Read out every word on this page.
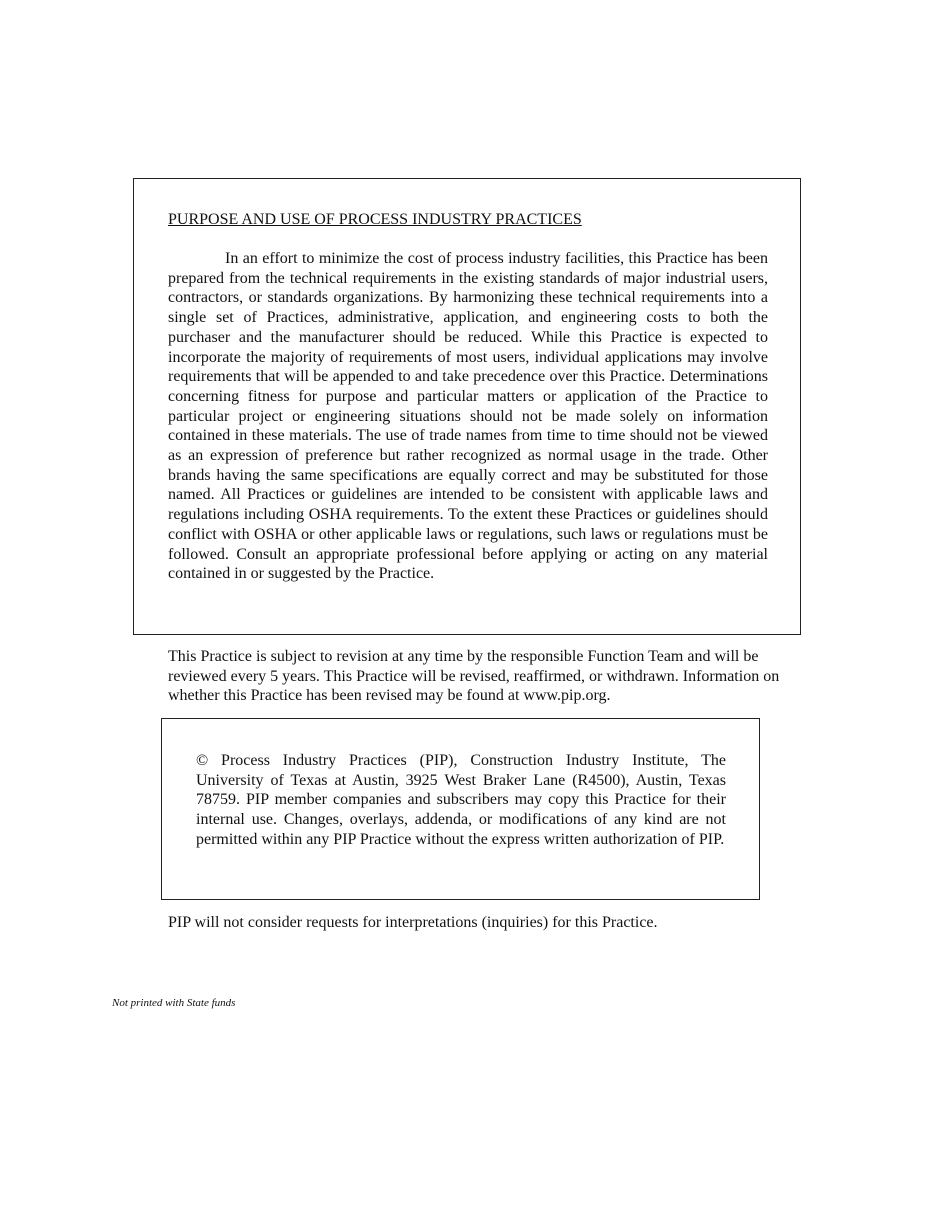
PURPOSE AND USE OF PROCESS INDUSTRY PRACTICES

In an effort to minimize the cost of process industry facilities, this Practice has been prepared from the technical requirements in the existing standards of major industrial users, contractors, or standards organizations. By harmonizing these technical requirements into a single set of Practices, administrative, application, and engineering costs to both the purchaser and the manufacturer should be reduced. While this Practice is expected to incorporate the majority of requirements of most users, individual applications may involve requirements that will be appended to and take precedence over this Practice. Determinations concerning fitness for purpose and particular matters or application of the Practice to particular project or engineering situations should not be made solely on information contained in these materials. The use of trade names from time to time should not be viewed as an expression of preference but rather recognized as normal usage in the trade. Other brands having the same specifications are equally correct and may be substituted for those named. All Practices or guidelines are intended to be consistent with applicable laws and regulations including OSHA requirements. To the extent these Practices or guidelines should conflict with OSHA or other applicable laws or regulations, such laws or regulations must be followed. Consult an appropriate professional before applying or acting on any material contained in or suggested by the Practice.

This Practice is subject to revision at any time by the responsible Function Team and will be reviewed every 5 years. This Practice will be revised, reaffirmed, or withdrawn. Information on whether this Practice has been revised may be found at www.pip.org.

© Process Industry Practices (PIP), Construction Industry Institute, The University of Texas at Austin, 3925 West Braker Lane (R4500), Austin, Texas 78759. PIP member companies and subscribers may copy this Practice for their internal use. Changes, overlays, addenda, or modifications of any kind are not permitted within any PIP Practice without the express written authorization of PIP.

PIP will not consider requests for interpretations (inquiries) for this Practice.

Not printed with State funds
